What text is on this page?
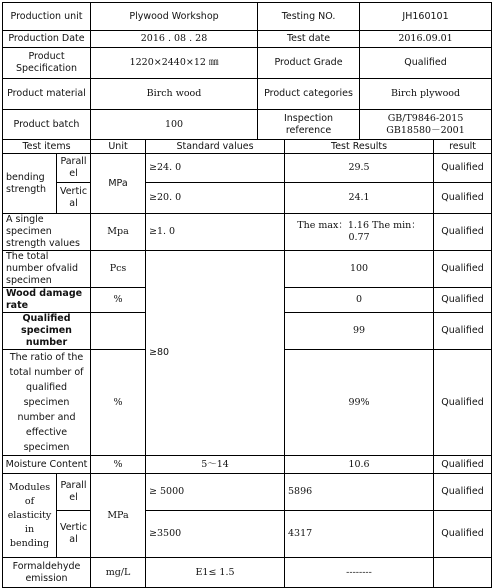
Production unit		Plywood Workshop		Testing NO.		JH160101	
Production Date		2016 . 08 . 28		Test date		2016.09.01	
Product Specification		1220×2440×12 ㎜		Product Grade		Qualified	
Product material		Birch wood		Product categories		Birch plywood	
Product batch		100		Inspection reference		GB/T9846-2015
GB18580－2001	

Test items		Unit	Standard values		Test Results		result
bending strength	Parallel	MPa	≥24. 0		29.5		Qualified
	Vertical		≥20. 0		24.1		Qualified
A single specimen strength values		Mpa	≥1. 0		The max：1.16 The min：0.77		Qualified
The total number ofvalid specimen		Pcs	≥80		100		Qualified
Wood damage rate		%			0		Qualified
Qualified specimen number					99		Qualified
The ratio of the total number of qualified specimen number and effective specimen		%			99%		Qualified
Moisture Content		%	5～14		10.6		Qualified
Modules of elasticity in bending	Parallel	MPa	≥ 5000		5896		Qualified
	Vertical		≥3500		4317		Qualified
Formaldehyde emission		mg/L	E1≤ 1.5		--------		
